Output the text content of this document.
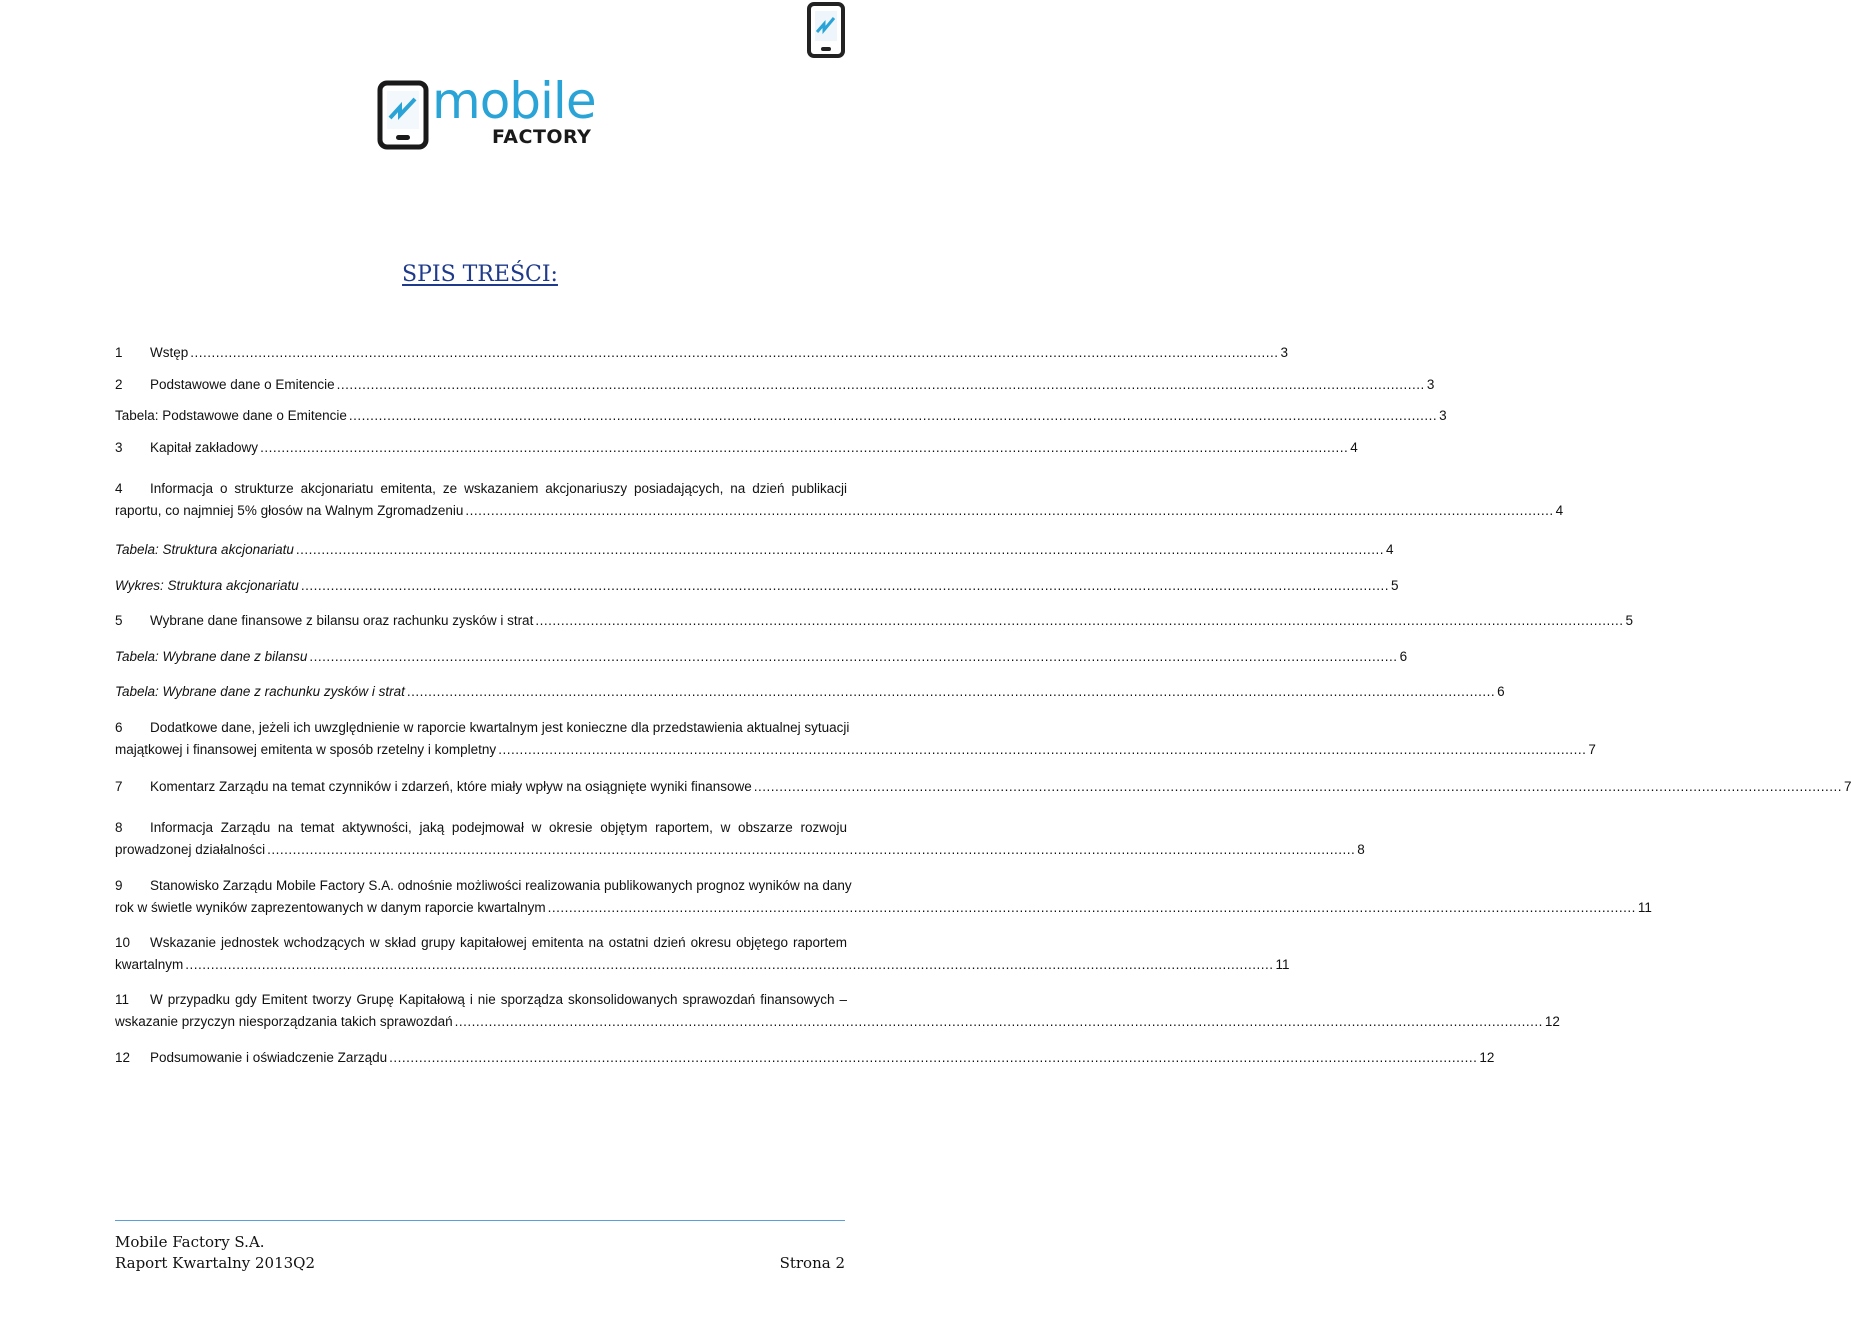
mobile
FACTORY
SPIS TREŚCI:
1	Wstęp .....	3
2	Podstawowe dane o Emitencie .....	3
Tabela: Podstawowe dane o Emitencie .....	3
3	Kapitał zakładowy .....	4
4	Informacja o strukturze akcjonariatu emitenta, ze wskazaniem akcjonariuszy posiadających, na dzień publikacji
raportu, co najmniej 5% głosów na Walnym Zgromadzeniu .....	4
Tabela: Struktura akcjonariatu .....	4
Wykres: Struktura akcjonariatu .....	5
5	Wybrane dane finansowe z bilansu oraz rachunku zysków i strat .....	5
Tabela: Wybrane dane z bilansu .....	6
Tabela: Wybrane dane z rachunku zysków i strat .....	6
6	Dodatkowe dane, jeżeli ich uwzględnienie w raporcie kwartalnym jest konieczne dla przedstawienia aktualnej sytuacji
majątkowej i finansowej emitenta w sposób rzetelny i kompletny .....	7
7	Komentarz Zarządu na temat czynników i zdarzeń, które miały wpływ na osiągnięte wyniki finansowe .....	7
8	Informacja Zarządu na temat aktywności, jaką podejmował w okresie objętym raportem, w obszarze rozwoju
prowadzonej działalności .....	8
9	Stanowisko Zarządu Mobile Factory S.A. odnośnie możliwości realizowania publikowanych prognoz wyników na dany
rok w świetle wyników zaprezentowanych w danym raporcie kwartalnym .....	11
10	Wskazanie jednostek wchodzących w skład grupy kapitałowej emitenta na ostatni dzień okresu objętego raportem
kwartalnym .....	11
11	W przypadku gdy Emitent tworzy Grupę Kapitałową i nie sporządza skonsolidowanych sprawozdań finansowych –
wskazanie przyczyn niesporządzania takich sprawozdań .....	12
12	Podsumowanie i oświadczenie Zarządu .....	12
Mobile Factory S.A.
Raport Kwartalny 2013Q2	Strona 2
